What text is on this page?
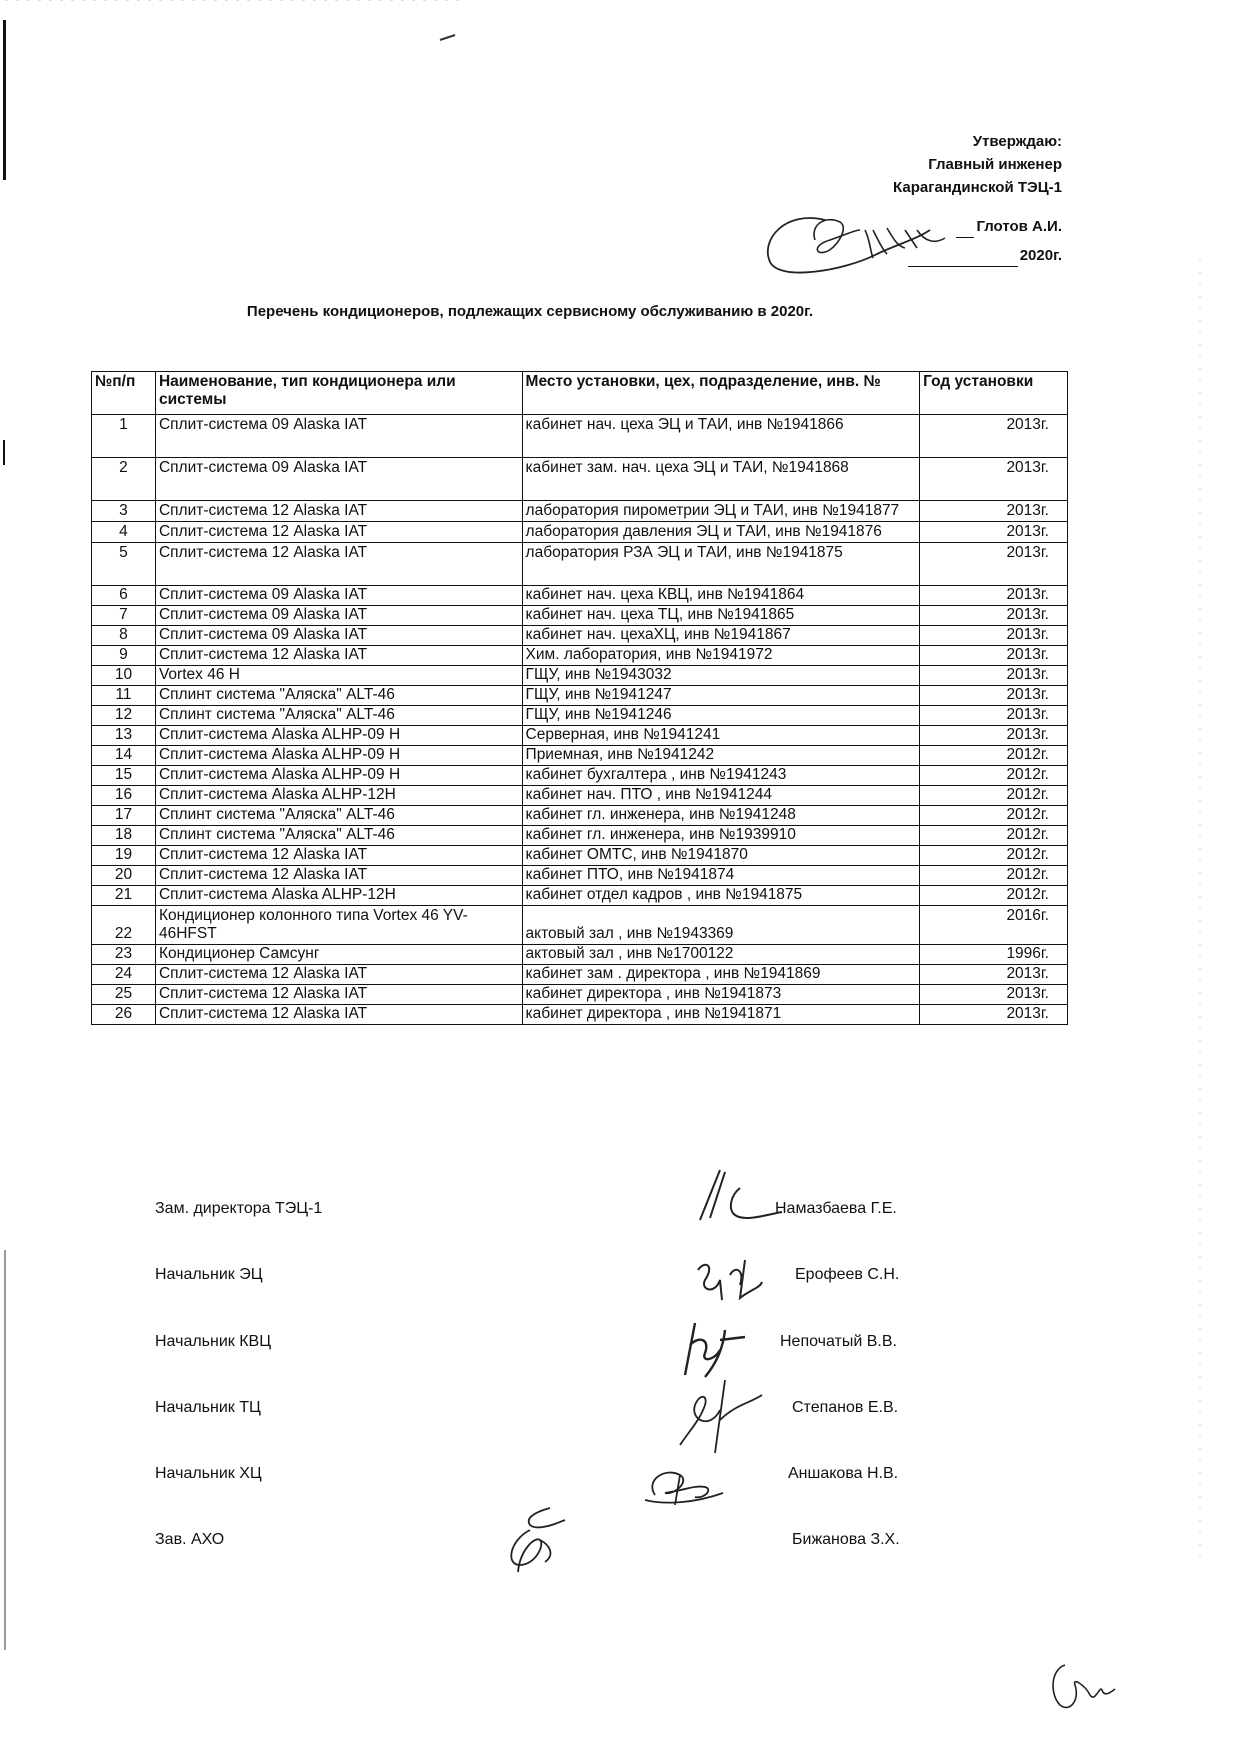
Утверждаю:
Главный инженер
Карагандинской ТЭЦ-1
Глотов А.И.
2020г.
Перечень кондиционеров, подлежащих сервисному обслуживанию в 2020г.
№п/п	Наименование, тип кондиционера или системы	Место установки, цех, подразделение, инв. №	Год установки
1	Сплит-система 09 Alaska IAT	кабинет нач. цеха ЭЦ и ТАИ, инв №1941866	2013г.
2	Сплит-система 09 Alaska IAT	кабинет зам. нач. цеха ЭЦ и ТАИ, №1941868	2013г.
3	Сплит-система 12 Alaska IAT	лаборатория пирометрии ЭЦ и ТАИ, инв №1941877	2013г.
4	Сплит-система 12 Alaska IAT	лаборатория давления ЭЦ и ТАИ, инв №1941876	2013г.
5	Сплит-система 12 Alaska IAT	лаборатория РЗА ЭЦ и ТАИ, инв №1941875	2013г.
6	Сплит-система 09 Alaska IAT	кабинет нач. цеха КВЦ, инв №1941864	2013г.
7	Сплит-система 09 Alaska IAT	кабинет нач. цеха ТЦ, инв №1941865	2013г.
8	Сплит-система 09 Alaska IAT	кабинет нач. цехаХЦ, инв №1941867	2013г.
9	Сплит-система 12 Alaska IAT	Хим. лаборатория, инв №1941972	2013г.
10	Vortex 46 H	ГЩУ, инв №1943032	2013г.
11	Сплинт система "Аляска" ALT-46	ГЩУ, инв №1941247	2013г.
12	Сплинт система "Аляска" ALT-46	ГЩУ, инв №1941246	2013г.
13	Сплит-система Alaska ALHP-09 H	Серверная, инв №1941241	2013г.
14	Сплит-система Alaska ALHP-09 H	Приемная, инв №1941242	2012г.
15	Сплит-система Alaska ALHP-09 H	кабинет бухгалтера , инв №1941243	2012г.
16	Сплит-система Alaska ALHP-12H	кабинет нач. ПТО , инв №1941244	2012г.
17	Сплинт система "Аляска" ALT-46	кабинет гл. инженера, инв №1941248	2012г.
18	Сплинт система "Аляска" ALT-46	кабинет гл. инженера, инв №1939910	2012г.
19	Сплит-система 12 Alaska IAT	кабинет ОМТС, инв №1941870	2012г.
20	Сплит-система 12 Alaska IAT	кабинет ПТО, инв №1941874	2012г.
21	Сплит-система Alaska ALHP-12H	кабинет отдел кадров , инв №1941875	2012г.
22	Кондиционер колонного типа Vortex 46 YV-46HFST	актовый зал , инв №1943369	2016г.
23	Кондиционер Самсунг	актовый зал , инв №1700122	1996г.
24	Сплит-система 12 Alaska IAT	кабинет зам . директора , инв №1941869	2013г.
25	Сплит-система 12 Alaska IAT	кабинет директора , инв №1941873	2013г.
26	Сплит-система 12 Alaska IAT	кабинет директора , инв №1941871	2013г.
Зам. директора ТЭЦ-1	Намазбаева Г.Е.
Начальник ЭЦ	Ерофеев С.Н.
Начальник КВЦ	Непочатый В.В.
Начальник ТЦ	Степанов Е.В.
Начальник ХЦ	Аншакова Н.В.
Зав. АХО	Бижанова З.Х.
